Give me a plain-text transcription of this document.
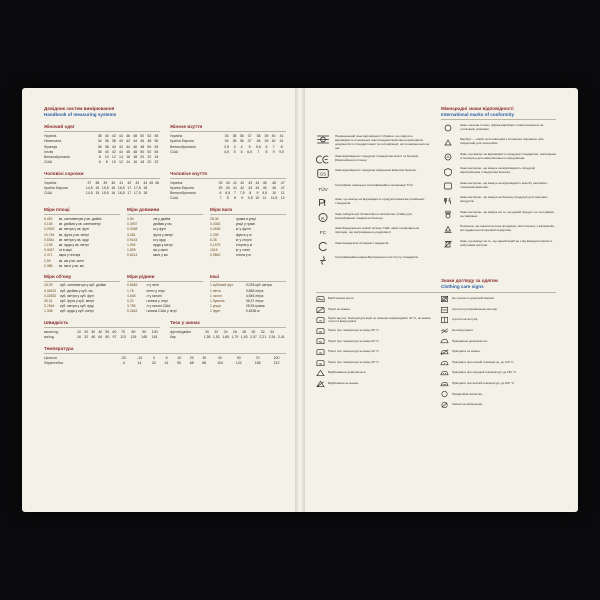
Довідник систем вимірювання
Handbook of measuring systems
Жіночий одяг
Україна	38	40	42	44	46	48	50	52	54
Німеччина	34	36	38	40	42	44	46	48	50
Франція	36	38	40	42	44	46	48	50	52
Італія	38	40	42	44	46	48	50	52	54
Великобританія	8	10	12	14	16	18	20	22	24
США	6	8	10	12	14	16	18	20	22
Жіноче взуття
Україна	34	35	36	37	38	39	40	41
Країни Європи	34	35	36	37	38	39	40	41
Великобританія	2,5	3	4	5	5,5	6	7	8
США	4,5	5	6	6,5	7	8	9	9,5
Чоловічі сорочки
Україна	37	38	39	40	41	42	43	44	45	46
Країни Європи	14,5	15	15,5	16	16,5	17	17,5	18		
США	14,5	15	15,5	16	16,5	17	17,5	18		
Чоловіче взуття
Україна	39	40	41	42	43	44	45	46	47
Країни Європи	39	40	41	42	43	44	45	46	47
Великобританія	6	6,5	7	7,5	8	9	9,5	10	11
США	7	8	8	9	9,5	10	11	11,5	12
Міри площі
6,452	кв. сантиметрів у кв. дюймі
0,155	кв. дюйма у кв. сантиметрі
0,0929	кв. метра у кв. футі
10,764	кв. фута у кв. метрі
0,8361	кв. метра у кв. ярді
1,196	кв. ярда у кв. метрі
0,4047	га в акрі
2,471	акра у гектарі
2,59	кв. км у кв. милі
0,386	кв. милі у кв. км
Міри довжини
2,54	см у дюймі
0,3937	дюйма у см
0,3048	м у футі
3,281	фута у метрі
0,9144	м у ярді
1,094	ярда у метрі
1,609	км у милі
0,6214	милі у км
Міри ваги
28,35	грама в унції
0,0353	унції у грамі
0,4536	кг у фунті
2,205	фунта у кг
6,35	кг у стоуні
0,1575	стоуна у кг
1016	кг у тонні
0,9842	тонни у кг
Міри об'єму
16,39	куб. сантиметра у куб. дюймі
0,06102	куб. дюйма у куб. см
0,02832	куб. метра у куб. футі
35,31	куб. фута у куб. метрі
0,7646	куб. метра у куб. ярді
1,308	куб. ярда у куб. метрі
Міри рідини
0,5683	л у пінті
1,76	пінти у літрі
4,546	л у галоні
0,22	галона у літрі
3,785	л у галоні США
0,2642	галона США у літрі
Інші
1 кубічний фут	0,028 куб. метра
1 пінта	0,568 літра
1 галон	4,546 літра
1 бушель	36,37 літра
1 унція	28,35 грама
1 фунт	0,4536 кг
Швидкість
миль/год	10	20	30	40	50	60	70	80	90	100
км/год	16	32	48	64	80	97	113	129	145	161
Тиск у шинах
фунтів/дюйм	20	22	24	26	28	30	32	34	
бар	1,38	1,52	1,65	1,79	1,93	2,07	2,21	2,34	2,41
Температура
Цельсія	-20	-10	0	5	10	20	30	40	50	70	100
Фаренгейта	-4	14	32	41	50	68	86	104	122	158	212
Національний знак відповідності України, що свідчить відповідність позначеної ним продукції вимогам нормативних документів із стандартизації та сертифікації, які поширюються на неї.
Знак відповідності продукції стандартам якості та безпеки Європейського Союзу.
GS
Знак відповідності продукції німецьким вимогам безпеки.
TÜV
Сертифікат німецької сертифікаційної організації TÜV.
Знак, що вказує на відповідність продукції вимогам російських стандартів.
UL
Знак лабораторії Underwriters Laboratories (США) для випробування товарів на безпеку.
FC
Знак Федеральної комісії зв'язку США, яким позначаються прилади, що випромінюють радіохвилі.
Знак Канадської Асоціації стандартів.
Сертифікаційна марка Британського інституту стандартів.
Міжнародні знаки відповідності
International marks of conformity
Знак «зелена точка»: фірма-виробник сплатила внесок за утилізацію упаковки.
Мьобіус — виріб, виготовлений з вторинної сировини, або придатний для переробки.
Знак, що вказує на відповідність продукції стандартам, пов'язаним із безпекою для навколишнього середовища.
Знак контролю, що вказує на відповідність продукції європейським стандартам безпеки.
Знак контролю, що вказує на відповідність виробу санітарно-гігієнічним вимогам.
Знак контролю, що вказує на безпеку продукції для харчових продуктів.
Знак контролю, що вказує на те, що даний продукт не тестувався на тваринах.
Позначка, що наноситься на продукцію, виготовлену з матеріалів, які піддаються вторинній переробці.
Знак, що вказує на те, що даний виріб не слід викидати разом із побутовим сміттям.
Знаки догляду за одягом
Clothing care signs
Виріб можна прати.
Прати не можна.
Прати вручну. Температура води не повинна перевищувати 40 °C, не можна терти та викручувати.
95
Прати при температурі не вище 95 °C.
60
Прати при температурі не вище 60 °C.
40
Прати при температурі не вище 40 °C.
30
Прати при температурі не вище 30 °C.
Відбілювання дозволяється.
Відбілювати не можна.
Не сушити в сушильній машині.
Сушити в розправленому вигляді.
Сушити на мотузці.
Не викручувати.
Прасування дозволяється.
Прасувати не можна.
Прасувати при низькій температурі, до 110 °C.
Прасувати при середній температурі, до 150 °C.
Прасувати при високій температурі, до 200 °C.
Професійна хімчистка.
Хімчистка заборонена.
